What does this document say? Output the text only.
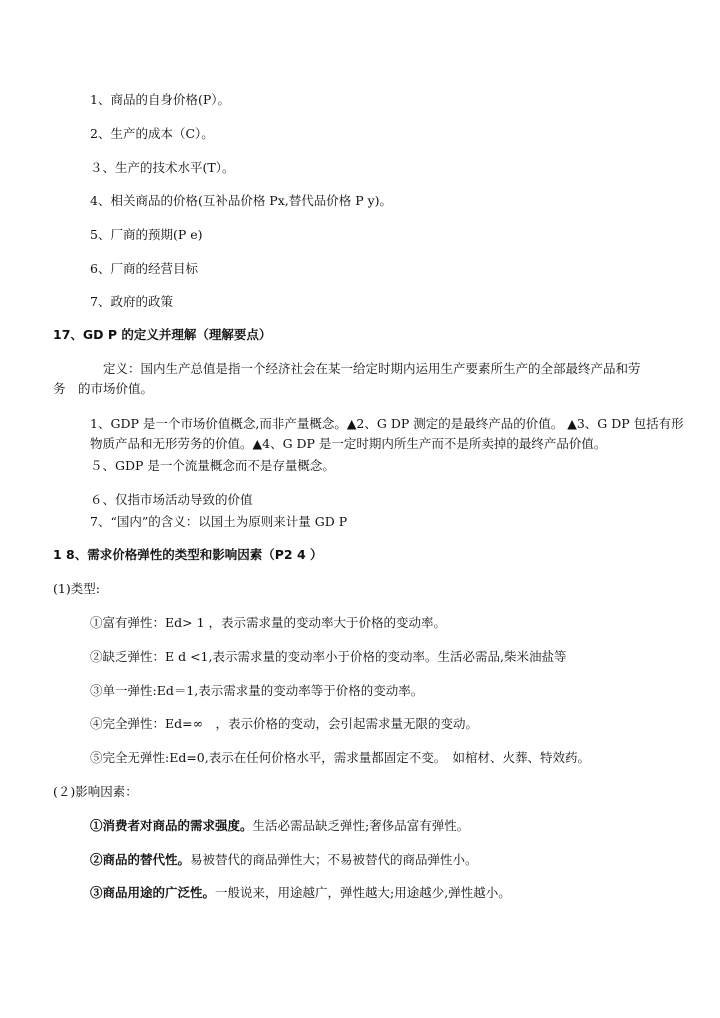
1、商品的自身价格(P）。
2、生产的成本（C）。
３、生产的技术水平(T）。
4、相关商品的价格(互补品价格 Px,替代品价格 P y)。
5、厂商的预期(P e)
6、厂商的经营目标
7、政府的政策
17、GD P 的定义并理解（理解要点）
定义：国内生产总值是指一个经济社会在某一给定时期内运用生产要素所生产的全部最终产品和劳
务　的市场价值。
1、GDP 是一个市场价值概念,而非产量概念。▲2、G DP 测定的是最终产品的价值。 ▲3、G DP 包括有形
物质产品和无形劳务的价值。▲4、G DP 是一定时期内所生产而不是所卖掉的最终产品价值。
５、GDP 是一个流量概念而不是存量概念。
６、仅指市场活动导致的价值
7、“国内”的含义：以国土为原则来计量 GD P
1 8、需求价格弹性的类型和影响因素（P2 4 ）
(1)类型:
①富有弹性：Ed> 1 ，表示需求量的变动率大于价格的变动率。
②缺乏弹性：E d <1,表示需求量的变动率小于价格的变动率。生活必需品,柴米油盐等
③单一弹性:Ed＝1,表示需求量的变动率等于价格的变动率。
④完全弹性：Ed=∞　，表示价格的变动，会引起需求量无限的变动。
⑤完全无弹性:Ed=0,表示在任何价格水平，需求量都固定不变。　如棺材、火葬、特效药。
(２)影响因素：
①消费者对商品的需求强度。生活必需品缺乏弹性;奢侈品富有弹性。
②商品的替代性。易被替代的商品弹性大；不易被替代的商品弹性小。
③商品用途的广泛性。一般说来，用途越广，弹性越大;用途越少,弹性越小。
